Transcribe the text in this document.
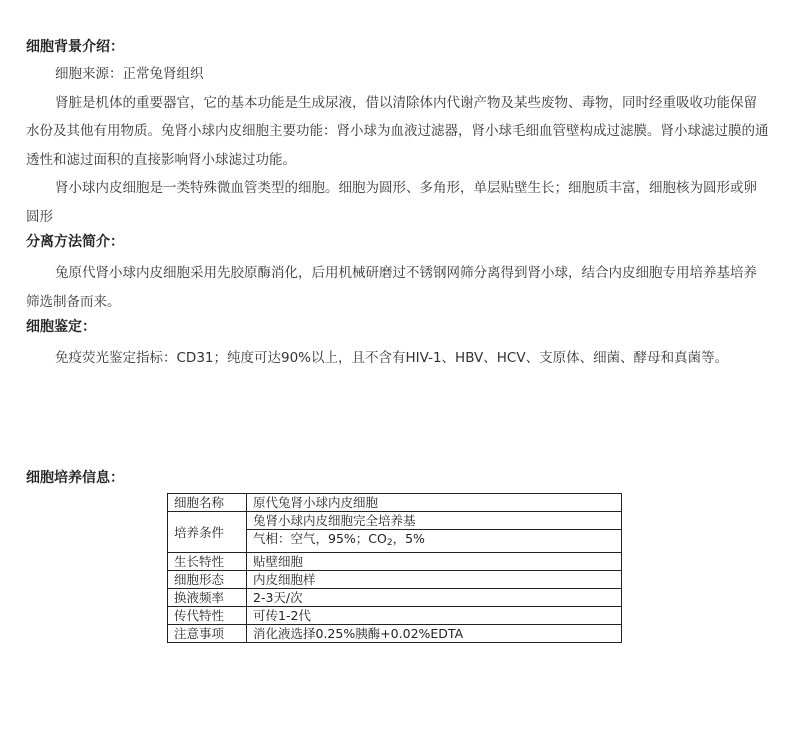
细胞背景介绍：

细胞来源：正常兔肾组织

肾脏是机体的重要器官，它的基本功能是生成尿液，借以清除体内代谢产物及某些废物、毒物，同时经重吸收功能保留水份及其他有用物质。兔肾小球内皮细胞主要功能：肾小球为血液过滤器，肾小球毛细血管壁构成过滤膜。肾小球滤过膜的通透性和滤过面积的直接影响肾小球滤过功能。

肾小球内皮细胞是一类特殊微血管类型的细胞。细胞为圆形、多角形，单层贴壁生长；细胞质丰富，细胞核为圆形或卵圆形

分离方法简介：

兔原代肾小球内皮细胞采用先胶原酶消化，后用机械研磨过不锈钢网筛分离得到肾小球，结合内皮细胞专用培养基培养筛选制备而来。

细胞鉴定：

免疫荧光鉴定指标：CD31；纯度可达90%以上，且不含有HIV-1、HBV、HCV、支原体、细菌、酵母和真菌等。

细胞培养信息：
细胞名称	原代兔肾小球内皮细胞
培养条件	兔肾小球内皮细胞完全培养基
	气相：空气，95%；$CO_2$，5%
生长特性	贴壁细胞
细胞形态	内皮细胞样
换液频率	2-3天/次
传代特性	可传1-2代
注意事项	消化液选择0.25%胰酶+0.02%EDTA
